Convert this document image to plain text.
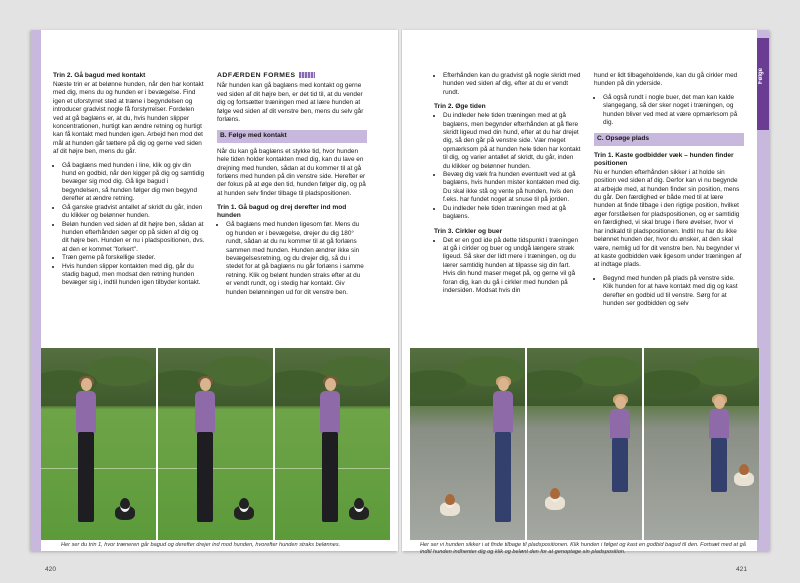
Trin 2. Gå bagud med kontakt

Næste trin er at belønne hunden, når den har kontakt med dig, mens du og hunden er i bevægelse. Find igen et uforstyrret sted at træne i begyndelsen og introducer gradvist nogle få forstyrrelser. Fordelen ved at gå baglæns er, at du, hvis hunden slipper koncentrationen, hurtigt kan ændre retning og hurtigt kan få kontakt med hunden igen. Arbejd hen mod det mål at hunden går tættere på dig og gerne ved siden af dit højre ben, mens du går.

• Gå baglæns med hunden i line, klik og giv din hund en godbid, når den kigger på dig og samtidig bevæger sig mod dig. Gå lige bagud i begyndelsen, så hunden følger dig men begynd derefter at ændre retning.
• Gå ganske gradvist antallet af skridt du går, inden du klikker og belønner hunden.
• Beløn hunden ved siden af dit højre ben, sådan at hunden efterhånden søger op på siden af dig og dit højre ben. Hunden er nu i pladspositionen, dvs. at den er kommet "forkert".
• Træn gerne på forskellige steder.
• Hvis hunden slipper kontakten med dig, går du stadig bagud, men modsat den retning hunden bevæger sig i, indtil hunden igen tilbyder kontakt.
ADFÆRDEN FORMES

Når hunden kan gå baglæns med kontakt og gerne ved siden af dit højre ben, er det tid til, at du vender dig og fortsætter træningen med at lære hunden at følge ved siden af dit venstre ben, mens du selv går forlæns.

B. Følge med kontakt

Når du kan gå baglæns et stykke tid, hvor hunden hele tiden holder kontakten med dig, kan du lave en drejning med hunden, sådan at du kommer til at gå forlæns med hunden på din venstre side. Herefter er der fokus på at øge den tid, hunden følger dig, og på at hunden selv finder tilbage til pladspositionen.

Trin 1. Gå bagud og drej derefter ind mod hunden
• Gå baglæns med hunden ligesom før. Mens du og hunden er i bevægelse, drejer du dig 180° rundt, sådan at du nu kommer til at gå forlæns sammen med hunden. Hunden ændrer ikke sin bevægelsesretning, og du drejer dig, så du i stedet for at gå baglæns nu går forlæns i samme retning. Klik og belønt hunden straks efter at du er vendt rundt, og i stedig har kontakt. Giv hunden belønningen ud for dit venstre ben.
Her ser du trin 1, hvor træneren går bagud og derefter drejer ind mod hunden, hvorefter hunden straks belønnes.
420
Følge
• Efterhånden kan du gradvist gå nogle skridt med hunden ved siden af dig, efter at du er vendt rundt.
Trin 2. Øge tiden
• Du indleder hele tiden træningen med at gå baglæns, men begynder efterhånden at gå flere skridt ligeud med din hund, efter at du har drejet dig, så den går på venstre side. Vær meget opmærksom på at hunden hele tiden har kontakt til dig, og varier antallet af skridt, du går, inden du klikker og belønner hunden.
• Bevæg dig væk fra hunden eventuelt ved at gå baglæns, hvis hunden mister kontakten med dig. Du skal ikke stå og vente på hunden, hvis den f.eks. har fundet noget at snuse til på jorden.
• Du indleder hele tiden træningen med at gå baglæns.
Trin 3. Cirkler og buer
• Det er en god ide på dette tidspunkt i træningen at gå i cirkler og buer og undgå længere stræk ligeud. Så sker der lidt mere i træningen, og du lærer samtidig hunden at tilpasse sig din fart. Hvis din hund maser meget på, og gerne vil gå foran dig, kan du gå i cirkler med hunden på indersiden. Modsat hvis din

hund er lidt tilbageholdende, kan du gå cirkler med hunden på din yderside.

• Gå også rundt i nogle buer, det man kan kalde slangegang, så der sker noget i træningen, og hunden bliver ved med at være opmærksom på dig.
C. Opsøge plads
Trin 1. Kaste godbidder væk – hunden finder positionen

Nu er hunden efterhånden sikker i at holde sin position ved siden af dig. Derfor kan vi nu begynde at arbejde med, at hunden finder sin position, mens du går. Den færdighed er både med til at lære hunden at finde tilbage i den rigtige position, hvilket øger forståelsen for pladspositionen, og er samtidig en færdighed, vi skal bruge i flere øvelser, hvor vi har indkald til pladspositionen. Indtil nu har du ikke belønnet hunden der, hvor du ønsker, at den skal være, nemlig ud for dit venstre ben. Nu begynder vi at kaste godbidden væk ligesom under træningen af at indtage plads.

• Begynd med hunden på plads på venstre side. Klik hunden for at have kontakt med dig og kast derefter en godbid ud til venstre. Sørg for at hunden ser godbidden og selv
Her ser vi hunden sikker i at finde tilbage til pladspositionen. Klik hunden i følget og kast en godbid bagud til den. Fortsæt med at gå indtil hunden indhenter dig og klik og belønt den for at genoptage sin pladsposition.
421
